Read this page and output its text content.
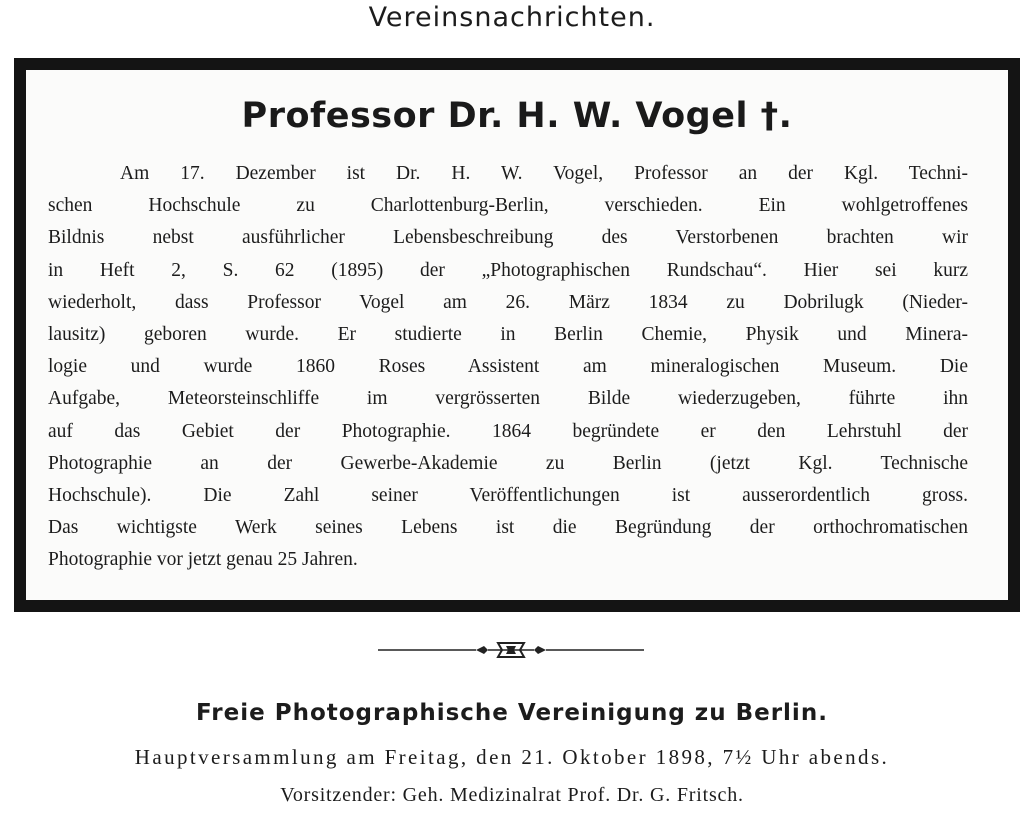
Vereinsnachrichten.
Professor Dr. H. W. Vogel †.

Am 17. Dezember ist Dr. H. W. Vogel, Professor an der Kgl. Techni-
schen Hochschule zu Charlottenburg-Berlin, verschieden. Ein wohlgetroffenes
Bildnis nebst ausführlicher Lebensbeschreibung des Verstorbenen brachten wir
in Heft 2, S. 62 (1895) der „Photographischen Rundschau“. Hier sei kurz
wiederholt, dass Professor Vogel am 26. März 1834 zu Dobrilugk (Nieder-
lausitz) geboren wurde. Er studierte in Berlin Chemie, Physik und Minera-
logie und wurde 1860 Roses Assistent am mineralogischen Museum. Die
Aufgabe, Meteorsteinschliffe im vergrösserten Bilde wiederzugeben, führte ihn
auf das Gebiet der Photographie. 1864 begründete er den Lehrstuhl der
Photographie an der Gewerbe-Akademie zu Berlin (jetzt Kgl. Technische
Hochschule). Die Zahl seiner Veröffentlichungen ist ausserordentlich gross.
Das wichtigste Werk seines Lebens ist die Begründung der orthochromatischen
Photographie vor jetzt genau 25 Jahren.

Freie Photographische Vereinigung zu Berlin.
Hauptversammlung am Freitag, den 21. Oktober 1898, 7½ Uhr abends.
Vorsitzender: Geh. Medizinalrat Prof. Dr. G. Fritsch.
